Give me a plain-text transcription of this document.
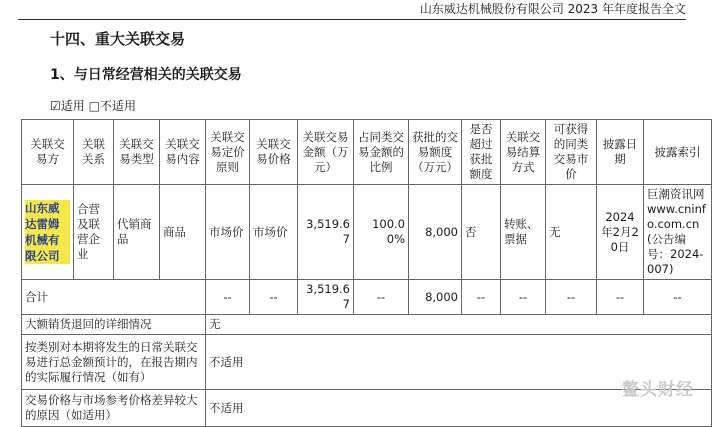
山东威达机械股份有限公司 2023 年年度报告全文
十四、重大关联交易
1、与日常经营相关的关联交易
☑适用 □不适用
关联交易方	关联关系	关联交易类型	关联交易内容	关联交易定价原则	关联交易价格	关联交易金额（万元）	占同类交易金额的比例	获批的交易额度（万元）	是否超过获批额度	关联交易结算方式	可获得的同类交易市价	披露日期	披露索引
山东威达雷姆机械有限公司	合营及联营企业	代销商品	商品	市场价	市场价	3,519.67	100.00%	8,000	否	转账、票据	无	2024年2月20日	巨潮资讯网www.cninfo.com.cn(公告编号：2024-007)
合计				--	--	3,519.67	--	8,000	--	--	--	--	--
大额销货退回的详细情况				无									
按类别对本期将发生的日常关联交易进行总金额预计的，在报告期内的实际履行情况（如有）				不适用									
交易价格与市场参考价格差异较大的原因（如适用）				不适用									
鳌头财经
